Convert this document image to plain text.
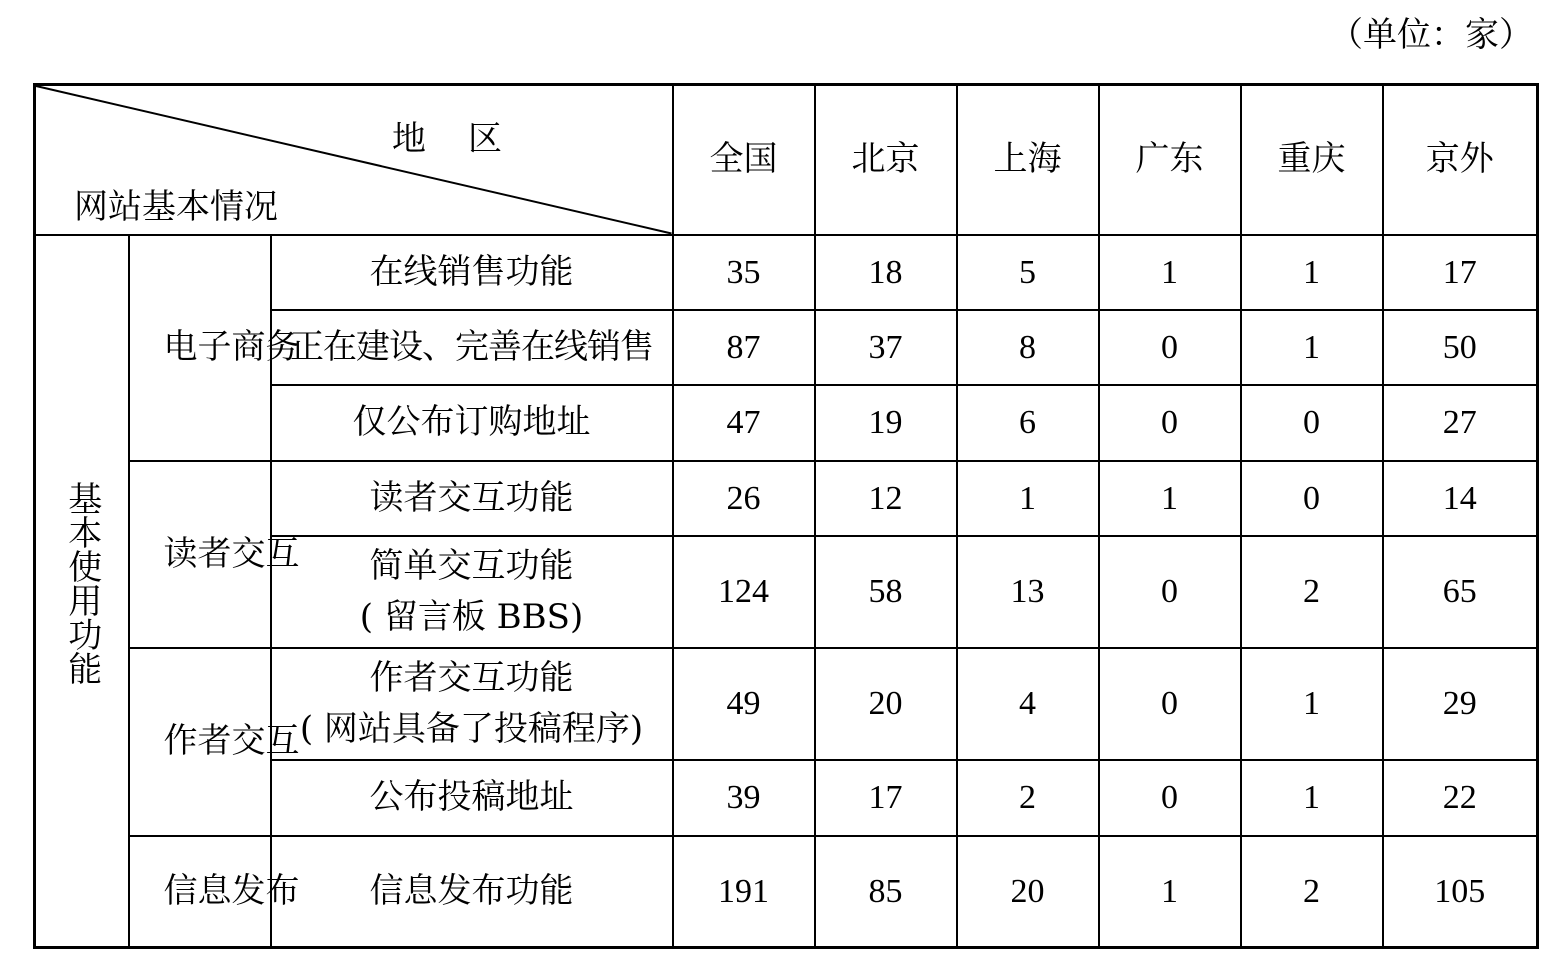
（单位：家）
地区
网站基本情况			全国	北京	上海	广东	重庆	京外
基本使用功能	电子商务	在线销售功能	35	18	5	1	1	17
		正在建设、完善在线销售	87	37	8	0	1	50
		仅公布订购地址	47	19	6	0	0	27
	读者交互	读者交互功能	26	12	1	1	0	14

		简单交互功能
( 留言板 BBS)	124	58	13	0	2	65
	作者交互	作者交互功能
( 网站具备了投稿程序)	49	20	4	0	1	29
		公布投稿地址	39	17	2	0	1	22
	信息发布	信息发布功能	191	85	20	1	2	105
